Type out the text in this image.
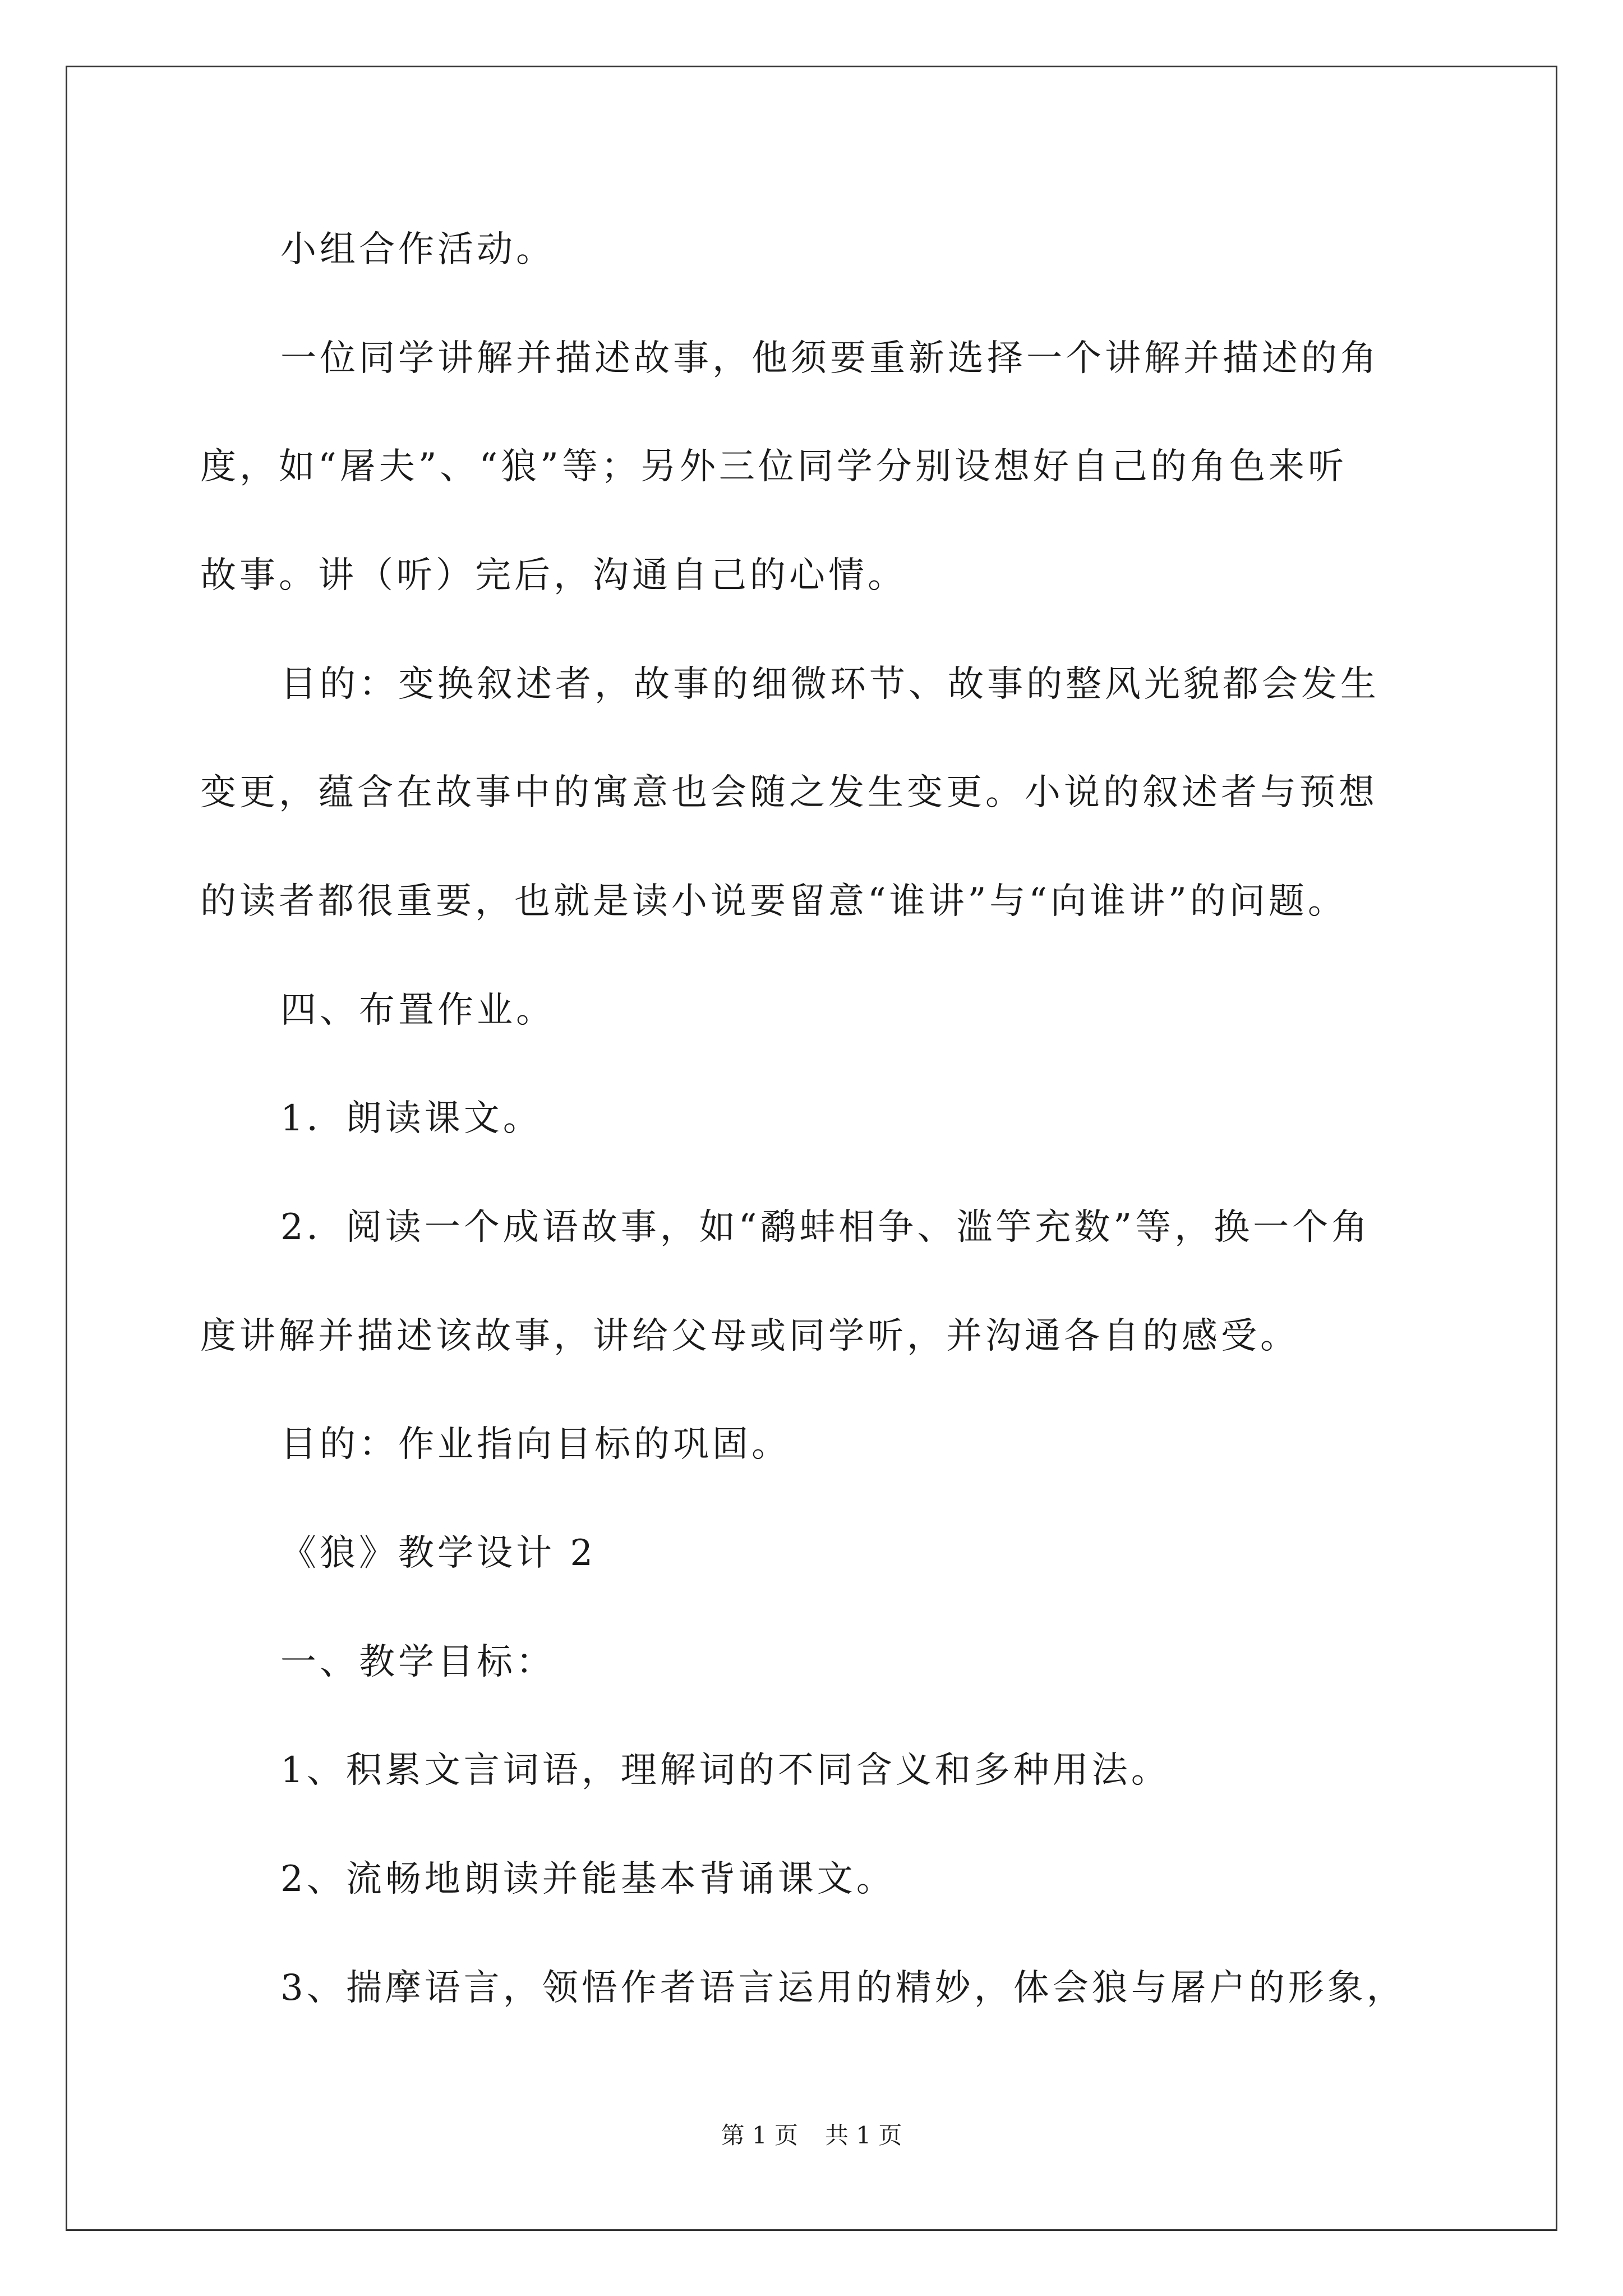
小组合作活动。
一位同学讲解并描述故事，他须要重新选择一个讲解并描述的角
度，如“屠夫”、“狼”等；另外三位同学分别设想好自己的角色来听
故事。讲（听）完后，沟通自己的心情。
目的：变换叙述者，故事的细微环节、故事的整风光貌都会发生
变更，蕴含在故事中的寓意也会随之发生变更。小说的叙述者与预想
的读者都很重要，也就是读小说要留意“谁讲”与“向谁讲”的问题。
四、布置作业。
1．朗读课文。
2．阅读一个成语故事，如“鹬蚌相争、滥竽充数”等，换一个角
度讲解并描述该故事，讲给父母或同学听，并沟通各自的感受。
目的：作业指向目标的巩固。
《狼》教学设计 2
一、教学目标：
1、积累文言词语，理解词的不同含义和多种用法。
2、流畅地朗读并能基本背诵课文。
3、揣摩语言，领悟作者语言运用的精妙，体会狼与屠户的形象，
第 1 页 共 1 页
